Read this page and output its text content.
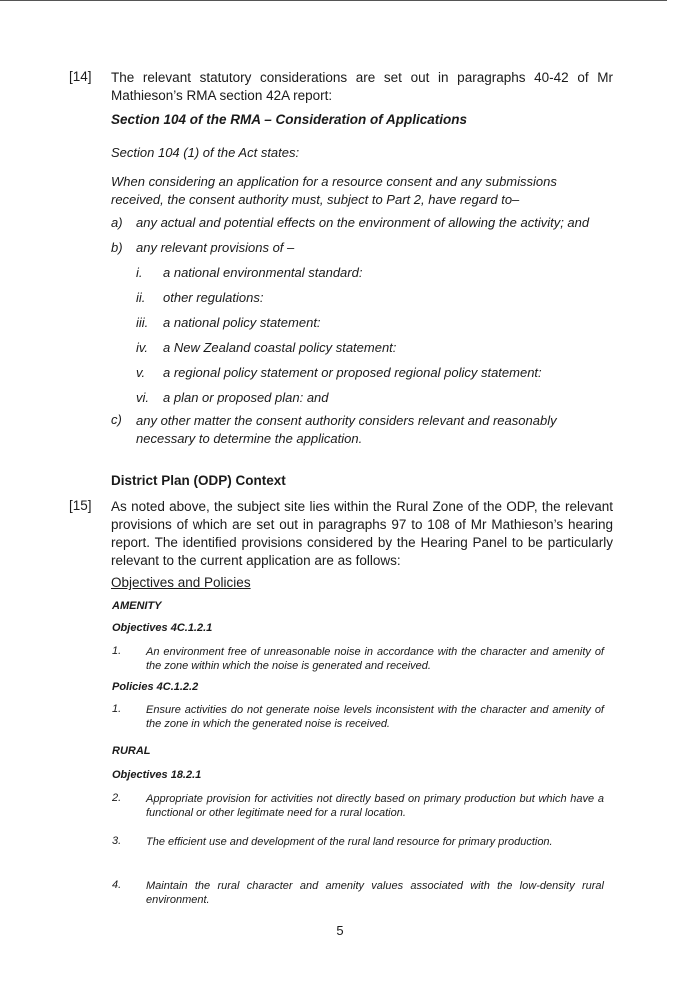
[14] The relevant statutory considerations are set out in paragraphs 40-42 of Mr Mathieson’s RMA section 42A report:
Section 104 of the RMA – Consideration of Applications
Section 104 (1) of the Act states:
When considering an application for a resource consent and any submissions received, the consent authority must, subject to Part 2, have regard to–
a) any actual and potential effects on the environment of allowing the activity; and
b) any relevant provisions of –
i. a national environmental standard:
ii. other regulations:
iii. a national policy statement:
iv. a New Zealand coastal policy statement:
v. a regional policy statement or proposed regional policy statement:
vi. a plan or proposed plan: and
c) any other matter the consent authority considers relevant and reasonably necessary to determine the application.
District Plan (ODP) Context
[15] As noted above, the subject site lies within the Rural Zone of the ODP, the relevant provisions of which are set out in paragraphs 97 to 108 of Mr Mathieson’s hearing report. The identified provisions considered by the Hearing Panel to be particularly relevant to the current application are as follows:
Objectives and Policies
AMENITY
Objectives 4C.1.2.1
1. An environment free of unreasonable noise in accordance with the character and amenity of the zone within which the noise is generated and received.
Policies 4C.1.2.2
1. Ensure activities do not generate noise levels inconsistent with the character and amenity of the zone in which the generated noise is received.
RURAL
Objectives 18.2.1
2. Appropriate provision for activities not directly based on primary production but which have a functional or other legitimate need for a rural location.
3. The efficient use and development of the rural land resource for primary production.
4. Maintain the rural character and amenity values associated with the low-density rural environment.
5
